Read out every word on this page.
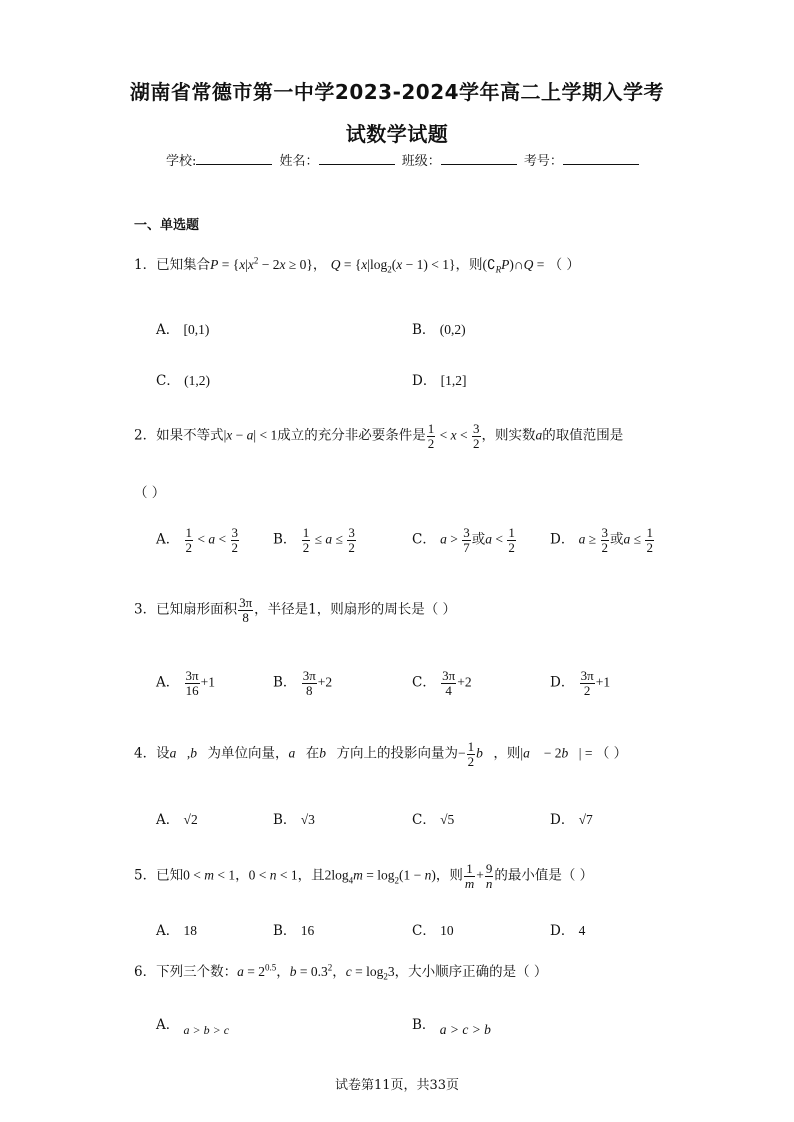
湖南省常德市第一中学2023-2024学年高二上学期入学考
试数学试题
学校:	姓名：	班级：	考号：
一、单选题
1．已知集合$P = \{x|x^2 - 2x \ge 0\}$， $Q = \{x|\log_2(x - 1) < 1\}$，则$(∁_RP)\cap Q$ = （ ）
A． [0,1)	B． (0,2)
C． (1,2)	D． [1,2]
2．如果不等式|x − a| < 1成立的充分非必要条件是 $\frac{1}{2} < x < \frac{3}{2}$ ，则实数a的取值范围是
（ ）
A． $\frac{1}{2} < a < \frac{3}{2}$	B． $\frac{1}{2} \le a \le \frac{3}{2}$	C． $a > \frac{3}{7}$ 或$a < \frac{1}{2}$	D． $a \ge \frac{3}{2}$ 或$a \le \frac{1}{2}$
3．已知扇形面积 $\frac{3\pi}{8}$ ，半径是1，则扇形的周长是（ ）
A． $\frac{3\pi}{16} +1$	B． $\frac{3\pi}{8} +2$	C． $\frac{3\pi}{4} +2$	D． $\frac{3\pi}{2} +1$
4．设a⃗,b⃗为单位向量，a⃗在b⃗方向上的投影向量为− $\frac{1}{2}$ b⃗，则|a⃗ − 2b⃗| = （ ）
A． √2	B． √3	C． √5	D． √7
5．已知0 < m < 1，0 < n < 1，且$2\log_4m = \log_2(1 - n)$，则 $\frac{1}{m} + \frac{9}{n}$ 的最小值是（ ）
A． 18	B． 16	C． 10	D． 4
6．下列三个数：$a = 2^{0.5}$，$b = 0.3^2$，$c = \log_23$，大小顺序正确的是（ ）
A． a > b > c	B． a > c > b
试卷第11页，共33页
